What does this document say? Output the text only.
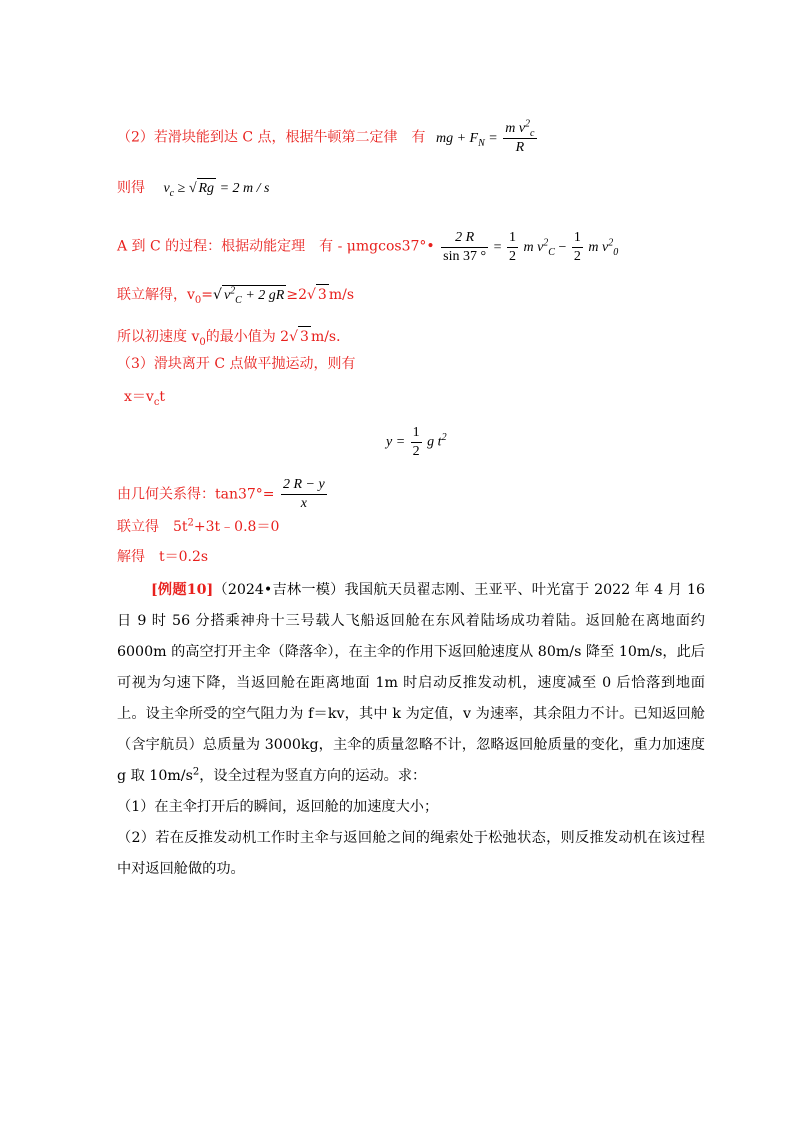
（2）若滑块能到达 C 点，根据牛顿第二定律　有 mg + $F_N = \frac{m v^2_c}{R}$
则得 $v_c$ ≥ √ Rg = 2 m / s
A 到 C 的过程：根据动能定理　有 - μmgcos37°• $\frac{2 R}{\sin 37 ^\circ} = \frac{1}{2}$ m $v^2_C - \frac{1}{2}$ m $v^2_0$
联立解得，$v_0=√$ $v^2_C + 2$ gR ≥2√ 3 m/s
所以初速度 $v_0$的最小值为 2√ 3 m/s．
（3）滑块离开 C 点做平抛运动，则有
$x=v_ct$
$y = \frac{1}{2}$ g $t^2$
由几何关系得：$\tan 37^\circ= \frac{2 R - y}{x}$
联立得　$5t^2+3t﹣0.8=0$
解得　t＝0.2s

[例题10]（2024•吉林一模）我国航天员翟志刚、王亚平、叶光富于 2022 年 4 月 16 日 9 时 56 分搭乘神舟十三号载人飞船返回舱在东风着陆场成功着陆。返回舱在离地面约 6000m 的高空打开主伞（降落伞），在主伞的作用下返回舱速度从 80m/s 降至 10m/s，此后可视为匀速下降，当返回舱在距离地面 1m 时启动反推发动机，速度减至 0 后恰落到地面上。设主伞所受的空气阻力为 f＝kv，其中 k 为定值，v 为速率，其余阻力不计。已知返回舱（含宇航员）总质量为 3000kg，主伞的质量忽略不计，忽略返回舱质量的变化，重力加速度 g 取 $10m/s^2$，设全过程为竖直方向的运动。求：

（1）在主伞打开后的瞬间，返回舱的加速度大小；

（2）若在反推发动机工作时主伞与返回舱之间的绳索处于松弛状态，则反推发动机在该过程中对返回舱做的功。
